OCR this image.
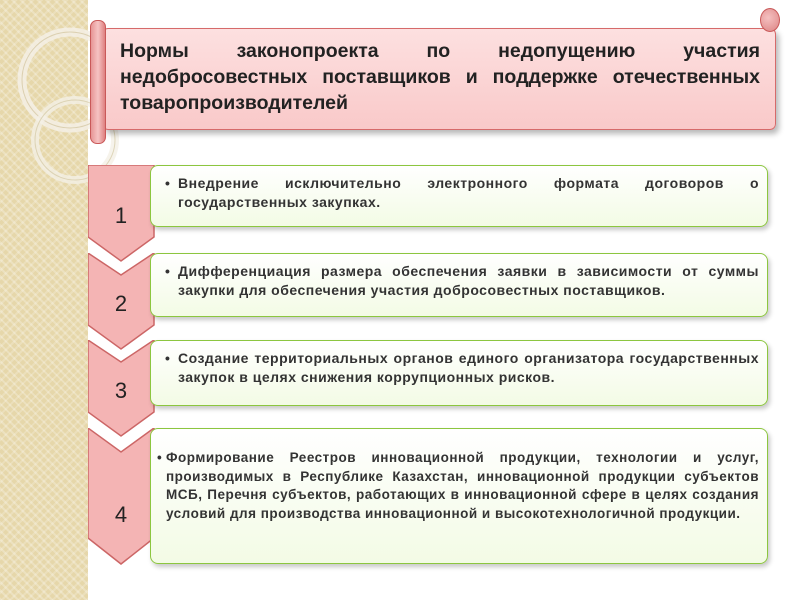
Нормы законопроекта по недопущению участия недобросовестных поставщиков и поддержке отечественных товаропроизводителей
1
• Внедрение исключительно электронного формата договоров о государственных закупках.
2
• Дифференциация размера обеспечения заявки в зависимости от суммы закупки для обеспечения участия добросовестных поставщиков.
3
• Создание территориальных органов единого организатора государственных закупок в целях снижения коррупционных рисков.
4
• Формирование Реестров инновационной продукции, технологии и услуг, производимых в Республике Казахстан, инновационной продукции субъектов МСБ, Перечня субъектов, работающих в инновационной сфере в целях создания условий для производства инновационной и высокотехнологичной продукции.
